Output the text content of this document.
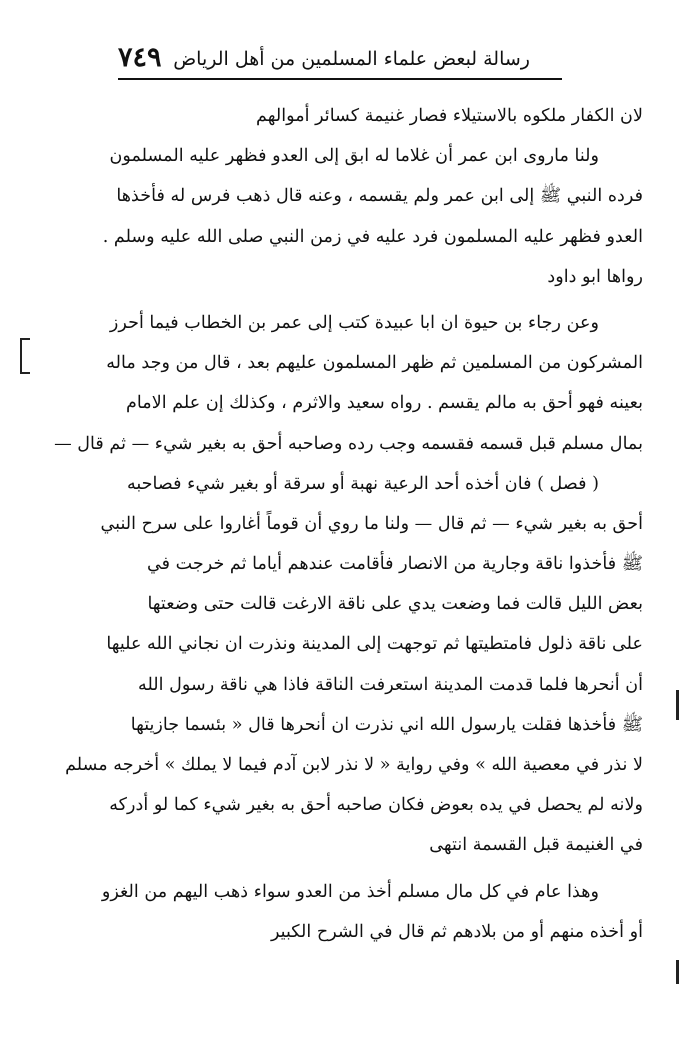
٧٤٩ رسالة لبعض علماء المسلمين من أهل الرياض
لان الكفار ملكوه بالاستيلاء فصار غنيمة كسائر أموالهم
ولنا ماروى ابن عمر أن غلاما له ابق إلى العدو فظهر عليه المسلمون
فرده النبي ﷺ إلى ابن عمر ولم يقسمه ، وعنه قال ذهب فرس له فأخذها
العدو فظهر عليه المسلمون فرد عليه في زمن النبي صلى الله عليه وسلم .
رواها ابو داود
وعن رجاء بن حيوة ان ابا عبيدة كتب إلى عمر بن الخطاب فيما أحرز
المشركون من المسلمين ثم ظهر المسلمون عليهم بعد ، قال من وجد ماله
بعينه فهو أحق به مالم يقسم . رواه سعيد والاثرم ، وكذلك إن علم الامام
بمال مسلم قبل قسمه فقسمه وجب رده وصاحبه أحق به بغير شيء — ثم قال —
( فصل ) فان أخذه أحد الرعية نهبة أو سرقة أو بغير شيء فصاحبه
أحق به بغير شيء — ثم قال — ولنا ما روي أن قوماً أغاروا على سرح النبي
ﷺ فأخذوا ناقة وجارية من الانصار فأقامت عندهم أياما ثم خرجت في
بعض الليل قالت فما وضعت يدي على ناقة الارغت قالت حتى وضعتها
على ناقة ذلول فامتطيتها ثم توجهت إلى المدينة ونذرت ان نجاني الله عليها
أن أنحرها فلما قدمت المدينة استعرفت الناقة فاذا هي ناقة رسول الله
ﷺ فأخذها فقلت يارسول الله اني نذرت ان أنحرها قال « بئسما جازيتها
لا نذر في معصية الله » وفي رواية « لا نذر لابن آدم فيما لا يملك » أخرجه مسلم
ولانه لم يحصل في يده بعوض فكان صاحبه أحق به بغير شيء كما لو أدركه
في الغنيمة قبل القسمة انتهى
وهذا عام في كل مال مسلم أخذ من العدو سواء ذهب اليهم من الغزو
أو أخذه منهم أو من بلادهم ثم قال في الشرح الكبير
